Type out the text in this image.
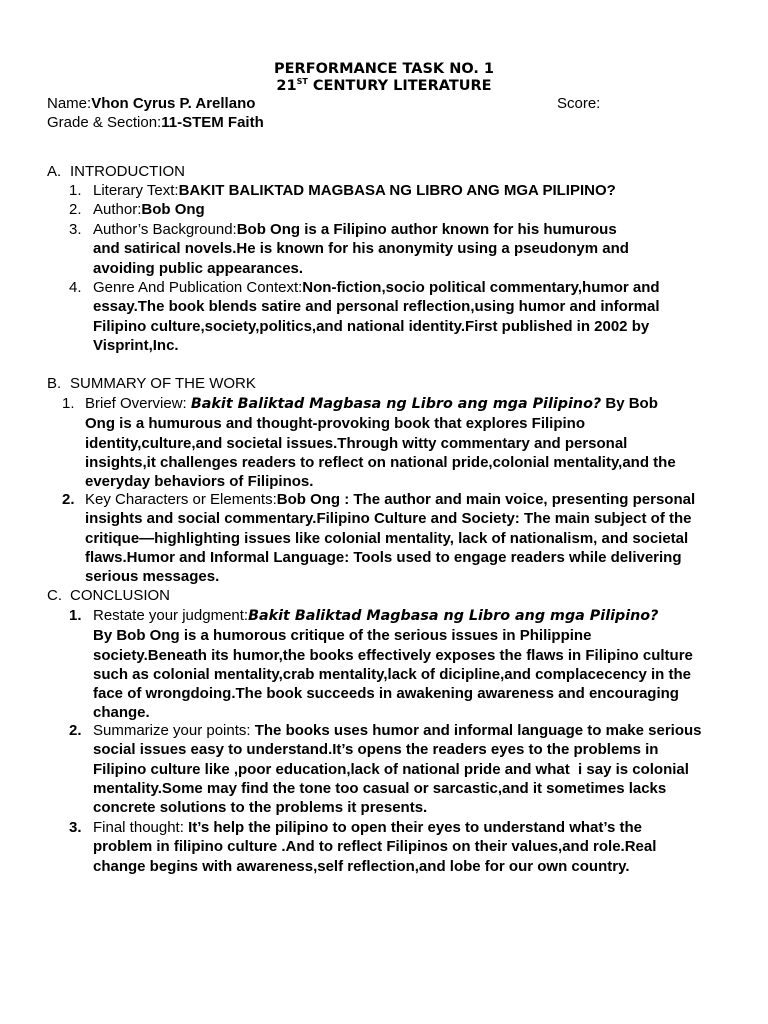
PERFORMANCE TASK NO. 1
21ST CENTURY LITERATURE
Name:Vhon Cyrus P. Arellano	Score:
Grade & Section:11-STEM Faith
A. INTRODUCTION
1. Literary Text:BAKIT BALIKTAD MAGBASA NG LIBRO ANG MGA PILIPINO?
2. Author:Bob Ong
3. Author’s Background:Bob Ong is a Filipino author known for his humurous
and satirical novels.He is known for his anonymity using a pseudonym and
avoiding public appearances.
4. Genre And Publication Context:Non-fiction,socio political commentary,humor and
essay.The book blends satire and personal reflection,using humor and informal
Filipino culture,society,politics,and national identity.First published in 2002 by
Visprint,Inc.
B. SUMMARY OF THE WORK
1. Brief Overview: Bakit Baliktad Magbasa ng Libro ang mga Pilipino? By Bob
Ong is a humurous and thought-provoking book that explores Filipino
identity,culture,and societal issues.Through witty commentary and personal
insights,it challenges readers to reflect on national pride,colonial mentality,and the
everyday behaviors of Filipinos.
2. Key Characters or Elements:Bob Ong : The author and main voice, presenting personal
insights and social commentary.Filipino Culture and Society: The main subject of the
critique—highlighting issues like colonial mentality, lack of nationalism, and societal
flaws.Humor and Informal Language: Tools used to engage readers while delivering
serious messages.
C. CONCLUSION
1. Restate your judgment:Bakit Baliktad Magbasa ng Libro ang mga Pilipino?
By Bob Ong is a humorous critique of the serious issues in Philippine
society.Beneath its humor,the books effectively exposes the flaws in Filipino culture
such as colonial mentality,crab mentality,lack of dicipline,and complacecency in the
face of wrongdoing.The book succeeds in awakening awareness and encouraging
change.
2. Summarize your points: The books uses humor and informal language to make serious
social issues easy to understand.It’s opens the readers eyes to the problems in
Filipino culture like ,poor education,lack of national pride and what  i say is colonial
mentality.Some may find the tone too casual or sarcastic,and it sometimes lacks
concrete solutions to the problems it presents.
3. Final thought: It’s help the pilipino to open their eyes to understand what’s the
problem in filipino culture .And to reflect Filipinos on their values,and role.Real
change begins with awareness,self reflection,and lobe for our own country.
